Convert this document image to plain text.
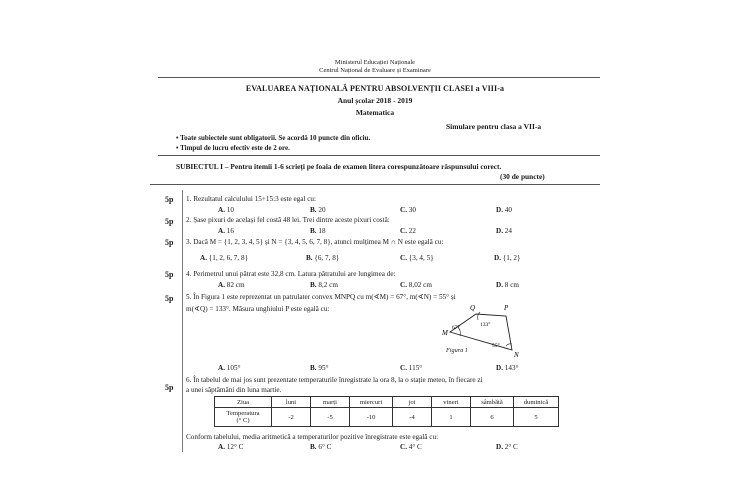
Ministerul Educației Naționale
Centrul Național de Evaluare și Examinare
EVALUAREA NAȚIONALĂ PENTRU ABSOLVENȚII CLASEI a VIII-a
Anul școlar 2018 - 2019
Matematica
Simulare pentru clasa a VII-a
• Toate subiectele sunt obligatorii. Se acordă 10 puncte din oficiu.
• Timpul de lucru efectiv este de 2 ore.
SUBIECTUL I – Pentru itemii 1-6 scrieți pe foaia de examen litera corespunzătoare răspunsului corect.
(30 de puncte)
5p 1. Rezultatul calculului 15+15:3 este egal cu:
A. 10	B. 20	C. 30	D. 40
5p 2. Șase pixuri de același fel costă 48 lei. Trei dintre aceste pixuri costă:
A. 16	B. 18	C. 22	D. 24
5p 3. Dacă M = {1, 2, 3, 4, 5} și N = {3, 4, 5, 6, 7, 8}, atunci mulțimea M ∩ N este egală cu:
A. {1, 2, 6, 7, 8}	B. {6, 7, 8}	C. {3, 4, 5}	D. {1, 2}
5p 4. Perimetrul unui pătrat este 32,8 cm. Latura pătratului are lungimea de:
A. 82 cm	B. 8,2 cm	C. 8,02 cm	D. 8 cm
5p 5. În Figura 1 este reprezentat un patrulater convex MNPQ cu m(∢M) = 67°, m(∢N) = 55° și
m(∢Q) = 133°. Măsura unghiului P este egală cu:
M
Q	P
N
67°	133°
55°
Figura 1
A. 105°	B. 95°	C. 115°	D. 143°
5p
6. În tabelul de mai jos sunt prezentate temperaturile înregistrate la ora 8, la o stație meteo, în fiecare zi
a unei săptămâni din luna martie.
Ziua	luni	marți	miercuri	joi	vineri	sâmbătă	duminică
Temperatura
(° C)	-2	-5	-10	-4	1	6	5
Conform tabelului, media aritmetică a temperaturilor pozitive înregistrate este egală cu:
A. 12° C	B. 6° C	C. 4° C	D. 2° C
